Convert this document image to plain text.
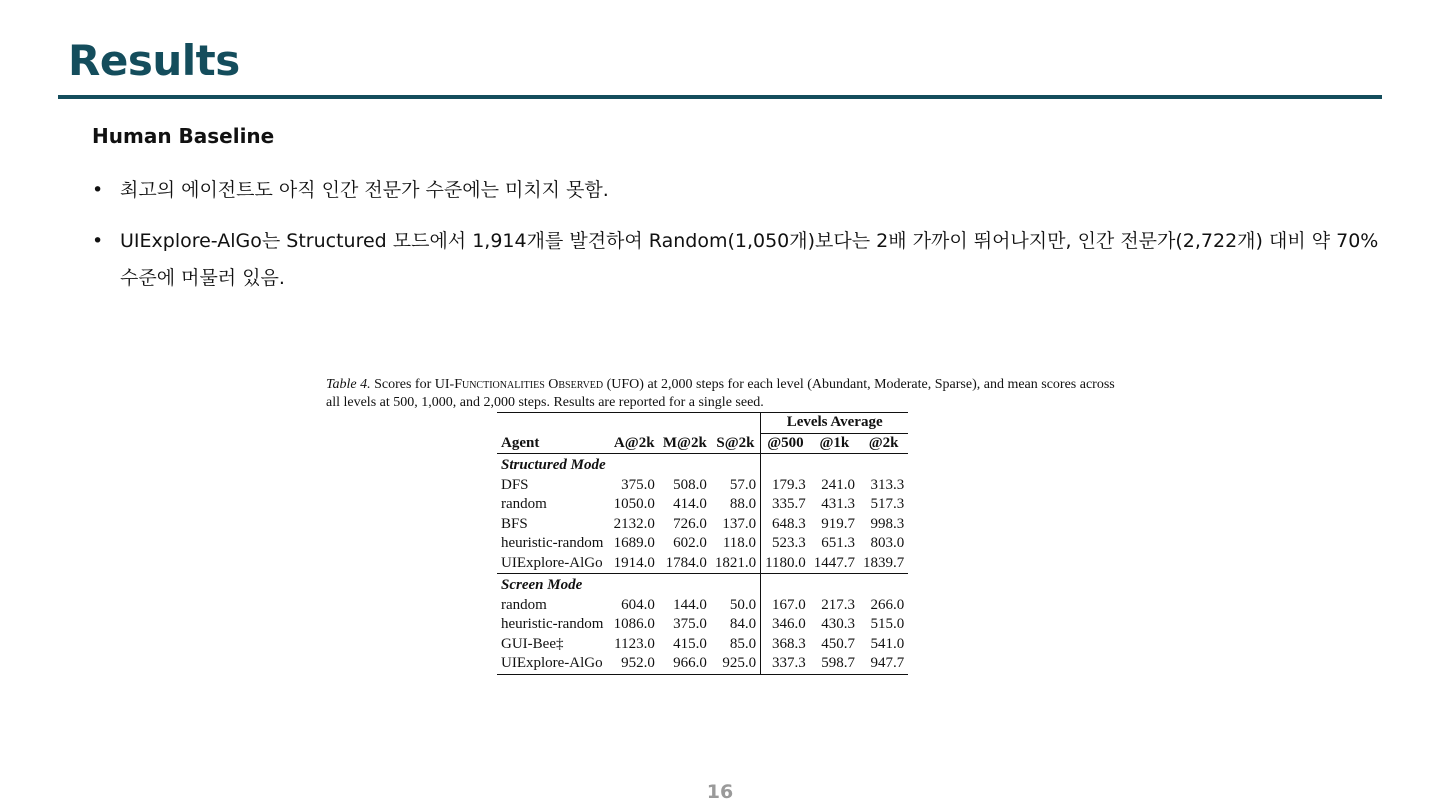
Results
Human Baseline
• 최고의 에이전트도 아직 인간 전문가 수준에는 미치지 못함.
• UIExplore-AlGo는 Structured 모드에서 1,914개를 발견하여 Random(1,050개)보다는 2배 가까이 뛰어나지만, 인간 전문가(2,722개) 대비 약 70% 수준에 머물러 있음.
Table 4. Scores for UI-Functionalities Observed (UFO) at 2,000 steps for each level (Abundant, Moderate, Sparse), and mean scores across all levels at 500, 1,000, and 2,000 steps. Results are reported for a single seed.
				Levels Average		
Agent	A@2k	M@2k	S@2k	@500	@1k	@2k
Structured Mode						
DFS	375.0	508.0	57.0	179.3	241.0	313.3
random	1050.0	414.0	88.0	335.7	431.3	517.3
BFS	2132.0	726.0	137.0	648.3	919.7	998.3
heuristic-random	1689.0	602.0	118.0	523.3	651.3	803.0
UIExplore-AlGo	1914.0	1784.0	1821.0	1180.0	1447.7	1839.7
Screen Mode						
random	604.0	144.0	50.0	167.0	217.3	266.0
heuristic-random	1086.0	375.0	84.0	346.0	430.3	515.0
GUI-Bee‡	1123.0	415.0	85.0	368.3	450.7	541.0
UIExplore-AlGo	952.0	966.0	925.0	337.3	598.7	947.7
16
